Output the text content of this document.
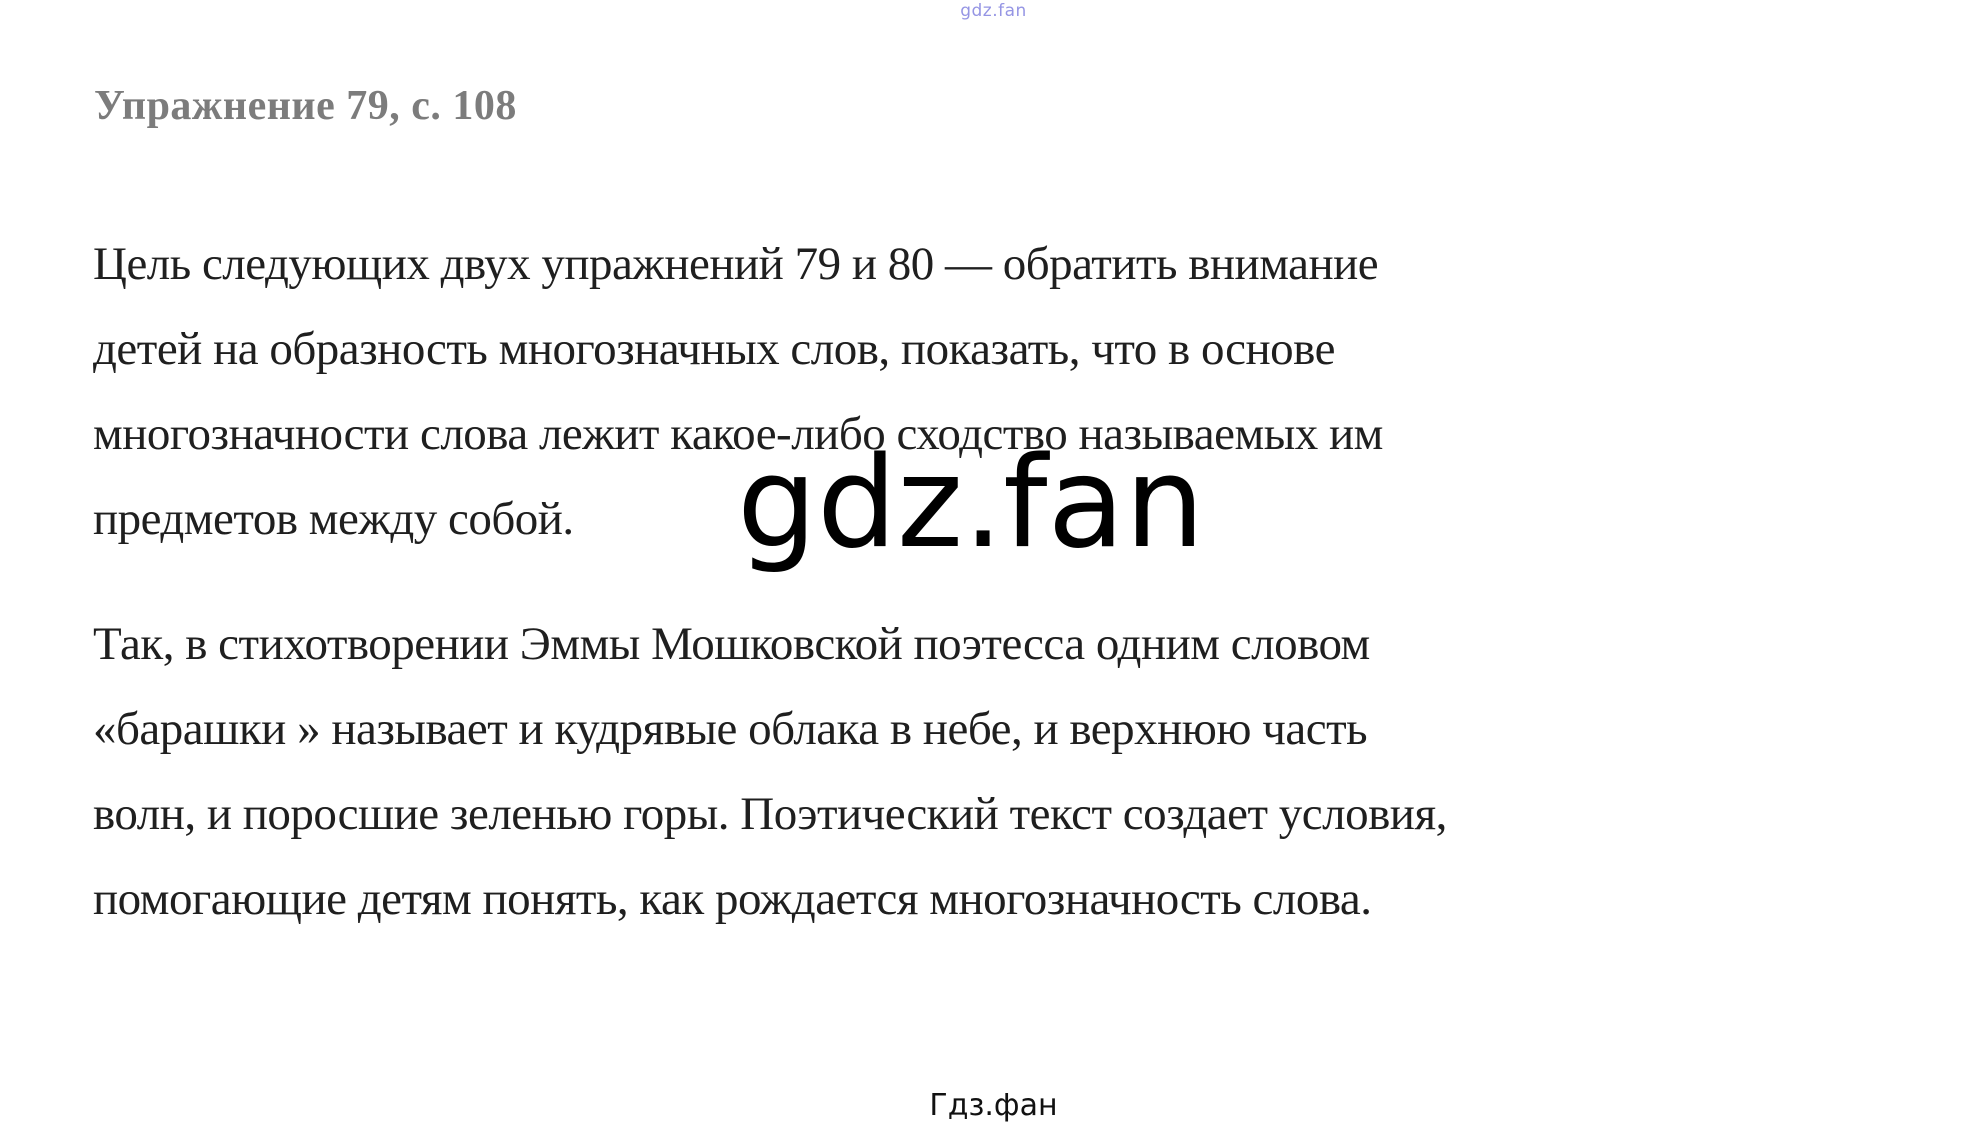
gdz.fan
Упражнение 79, с. 108
Цель следующих двух упражнений 79 и 80 — обратить внимание
детей на образность многозначных слов, показать, что в основе
многозначности слова лежит какое-либо сходство называемых им
предметов между собой.	gdz.fan
Так, в стихотворении Эммы Мошковской поэтесса одним словом
«барашки » называет и кудрявые облака в небе, и верхнюю часть
волн, и поросшие зеленью горы. Поэтический текст создает условия,
помогающие детям понять, как рождается многозначность слова.
Гдз.фан
